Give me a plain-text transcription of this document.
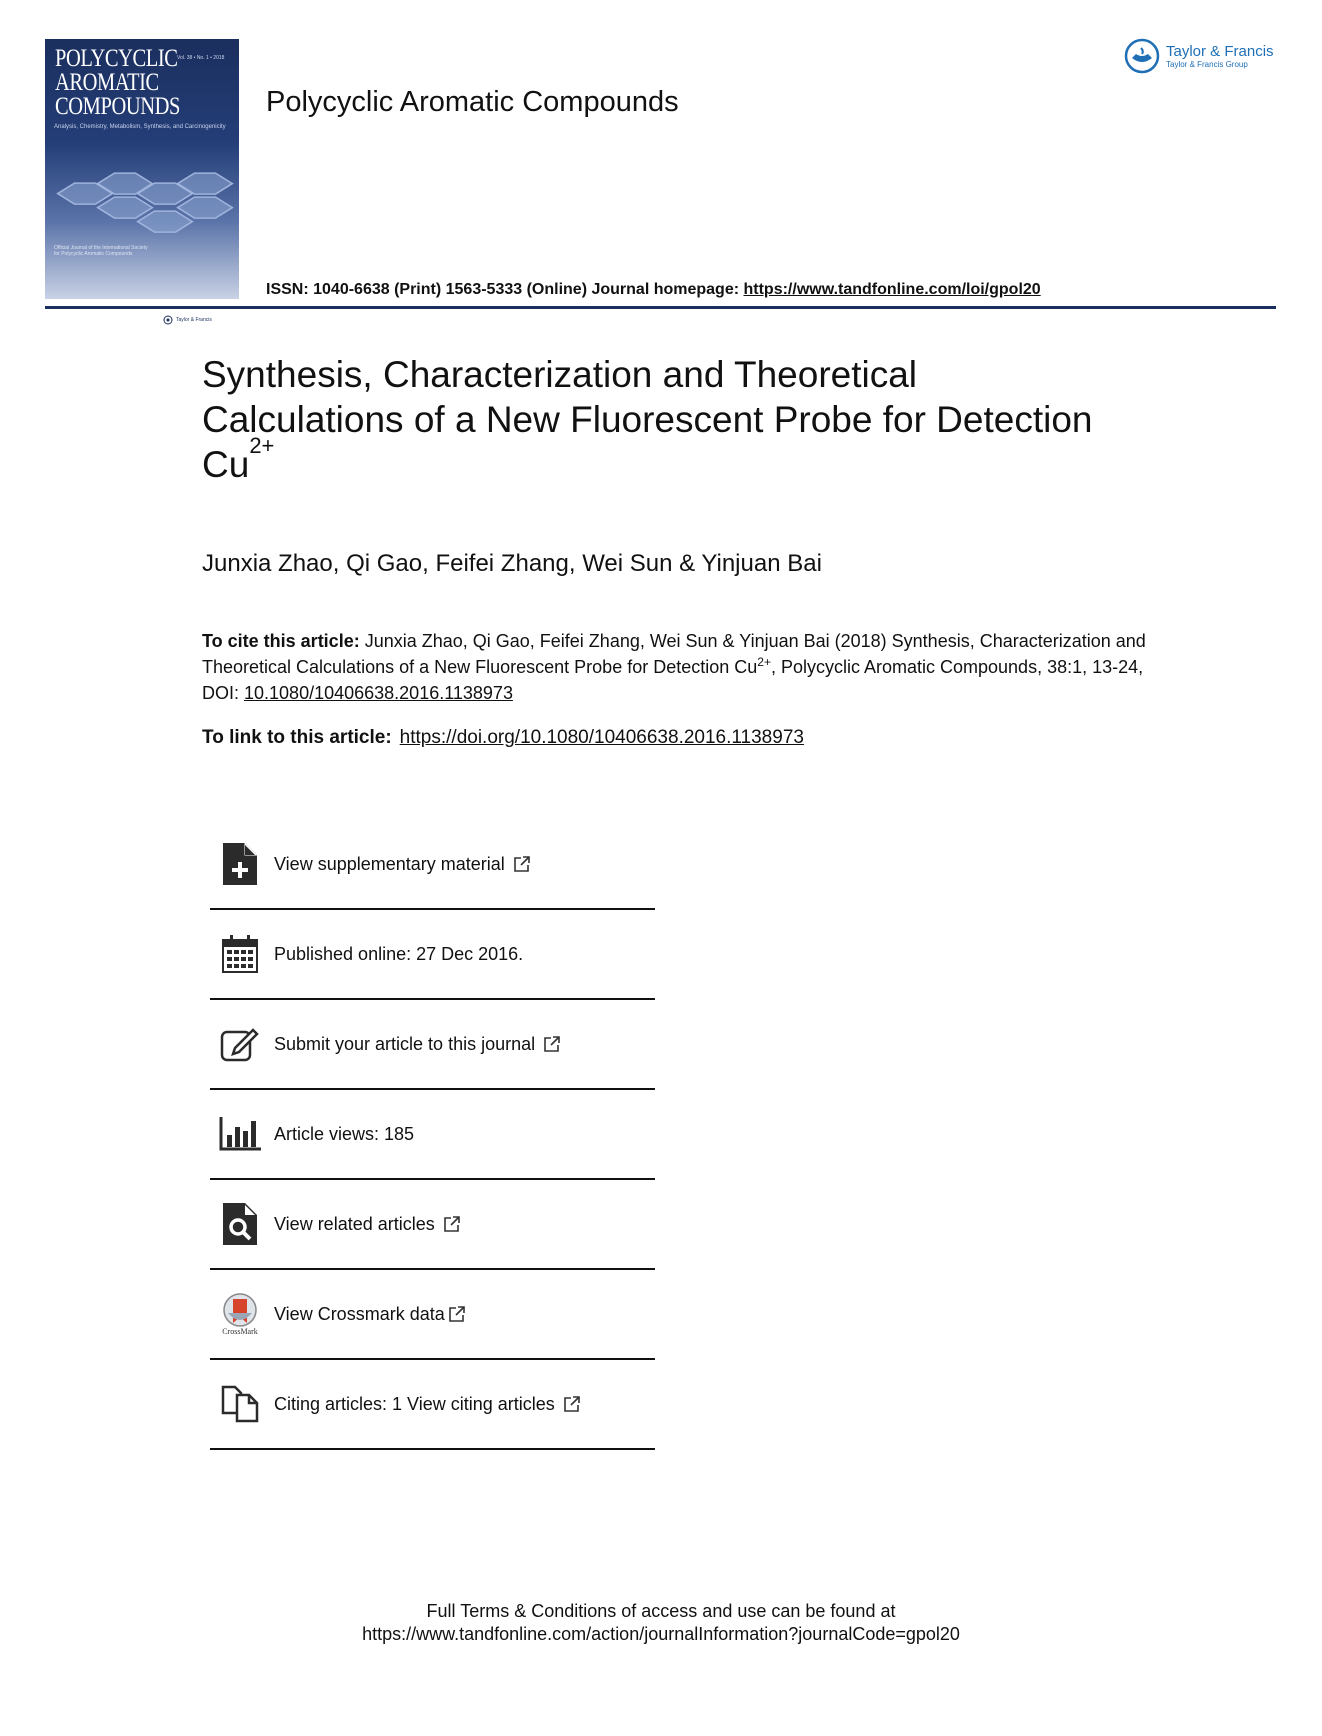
POLYCYCLIC
AROMATIC
COMPOUNDS
Vol. 38 • No. 1 • 2018
Analysis, Chemistry, Metabolism, Synthesis, and Carcinogenicity
Official Journal of the International Society for Polycyclic Aromatic Compounds
Taylor & Francis
Polycyclic Aromatic Compounds
Taylor & Francis
Taylor & Francis Group
ISSN: 1040-6638 (Print) 1563-5333 (Online) Journal homepage: https://www.tandfonline.com/loi/gpol20
Synthesis, Characterization and Theoretical Calculations of a New Fluorescent Probe for Detection $Cu^{2+}$
Junxia Zhao, Qi Gao, Feifei Zhang, Wei Sun & Yinjuan Bai
To cite this article: Junxia Zhao, Qi Gao, Feifei Zhang, Wei Sun & Yinjuan Bai (2018) Synthesis, Characterization and Theoretical Calculations of a New Fluorescent Probe for Detection $Cu^{2+}$, Polycyclic Aromatic Compounds, 38:1, 13-24, DOI: 10.1080/10406638.2016.1138973
To link to this article: https://doi.org/10.1080/10406638.2016.1138973
View supplementary material
Published online: 27 Dec 2016.
Submit your article to this journal
Article views: 185
View related articles
CrossMark
View Crossmark data
Citing articles: 1 View citing articles
Full Terms & Conditions of access and use can be found at
https://www.tandfonline.com/action/journalInformation?journalCode=gpol20
